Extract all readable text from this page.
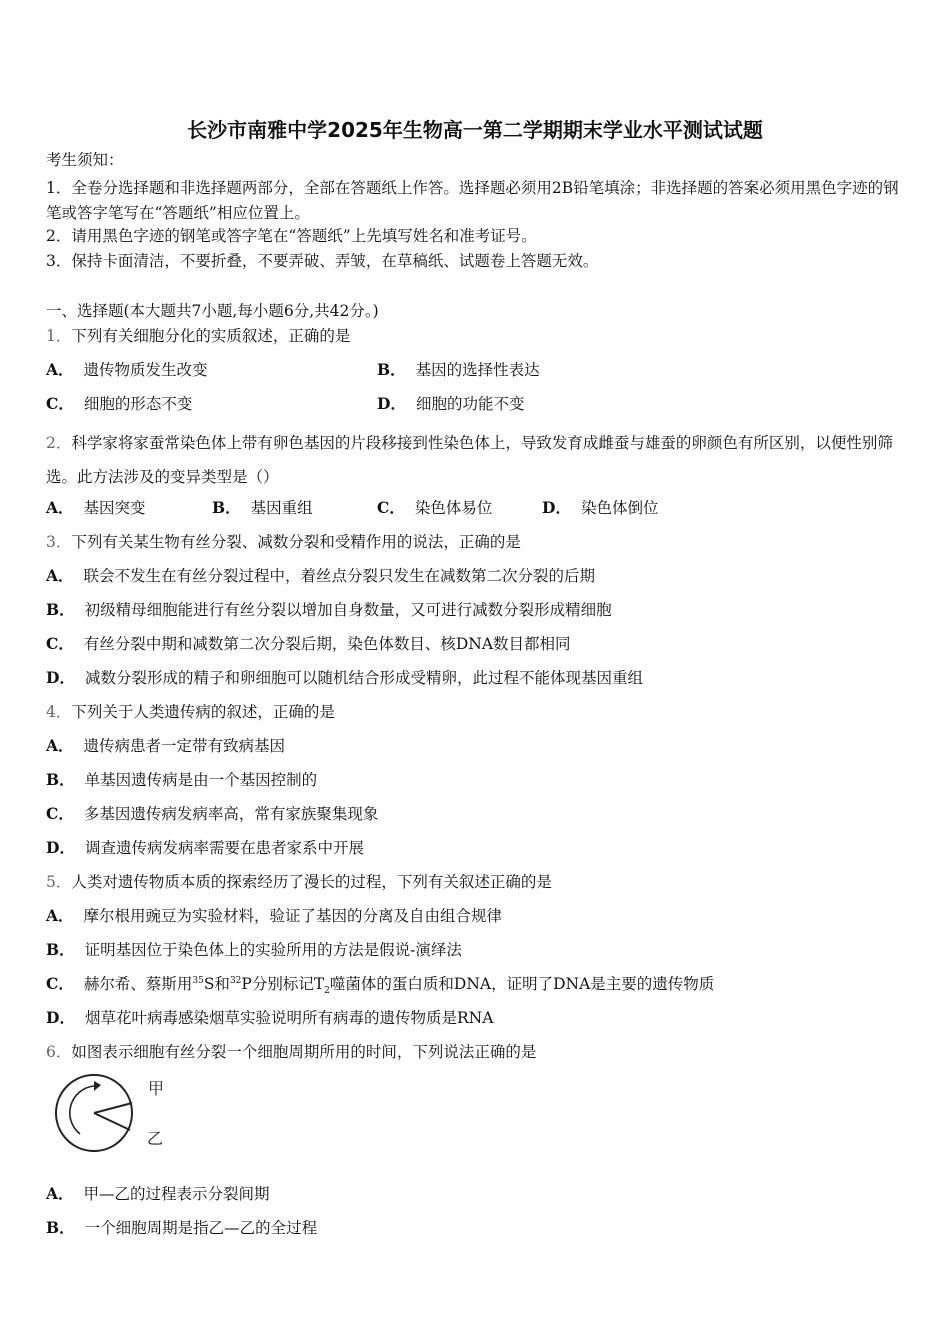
长沙市南雅中学2025年生物高一第二学期期末学业水平测试试题
考生须知：
1．全卷分选择题和非选择题两部分，全部在答题纸上作答。选择题必须用2B铅笔填涂；非选择题的答案必须用黑色字迹的钢笔或答字笔写在“答题纸”相应位置上。
2．请用黑色字迹的钢笔或答字笔在“答题纸”上先填写姓名和准考证号。
3．保持卡面清洁，不要折叠，不要弄破、弄皱，在草稿纸、试题卷上答题无效。
一、选择题(本大题共7小题,每小题6分,共42分。)
1．下列有关细胞分化的实质叙述，正确的是
A． 遗传物质发生改变	B． 基因的选择性表达
C． 细胞的形态不变	D． 细胞的功能不变
2．科学家将家蚕常染色体上带有卵色基因的片段移接到性染色体上，导致发育成雌蚕与雄蚕的卵颜色有所区别，以便性别筛选。此方法涉及的变异类型是（）
A． 基因突变	B． 基因重组	C． 染色体易位	D． 染色体倒位
3．下列有关某生物有丝分裂、减数分裂和受精作用的说法，正确的是
A． 联会不发生在有丝分裂过程中，着丝点分裂只发生在减数第二次分裂的后期
B． 初级精母细胞能进行有丝分裂以增加自身数量，又可进行减数分裂形成精细胞
C． 有丝分裂中期和减数第二次分裂后期，染色体数目、核DNA数目都相同
D． 减数分裂形成的精子和卵细胞可以随机结合形成受精卵，此过程不能体现基因重组
4．下列关于人类遗传病的叙述，正确的是
A． 遗传病患者一定带有致病基因
B． 单基因遗传病是由一个基因控制的
C． 多基因遗传病发病率高，常有家族聚集现象
D． 调查遗传病发病率需要在患者家系中开展
5．人类对遗传物质本质的探索经历了漫长的过程，下列有关叙述正确的是
A． 摩尔根用豌豆为实验材料，验证了基因的分离及自由组合规律
B． 证明基因位于染色体上的实验所用的方法是假说-演绎法
C． 赫尔希、蔡斯用$^{35}$S和$^{32}$P分别标记$T_2$噬菌体的蛋白质和DNA，证明了DNA是主要的遗传物质
D． 烟草花叶病毒感染烟草实验说明所有病毒的遗传物质是RNA
6．如图表示细胞有丝分裂一个细胞周期所用的时间，下列说法正确的是
甲
乙
A． 甲—乙的过程表示分裂间期
B． 一个细胞周期是指乙—乙的全过程
